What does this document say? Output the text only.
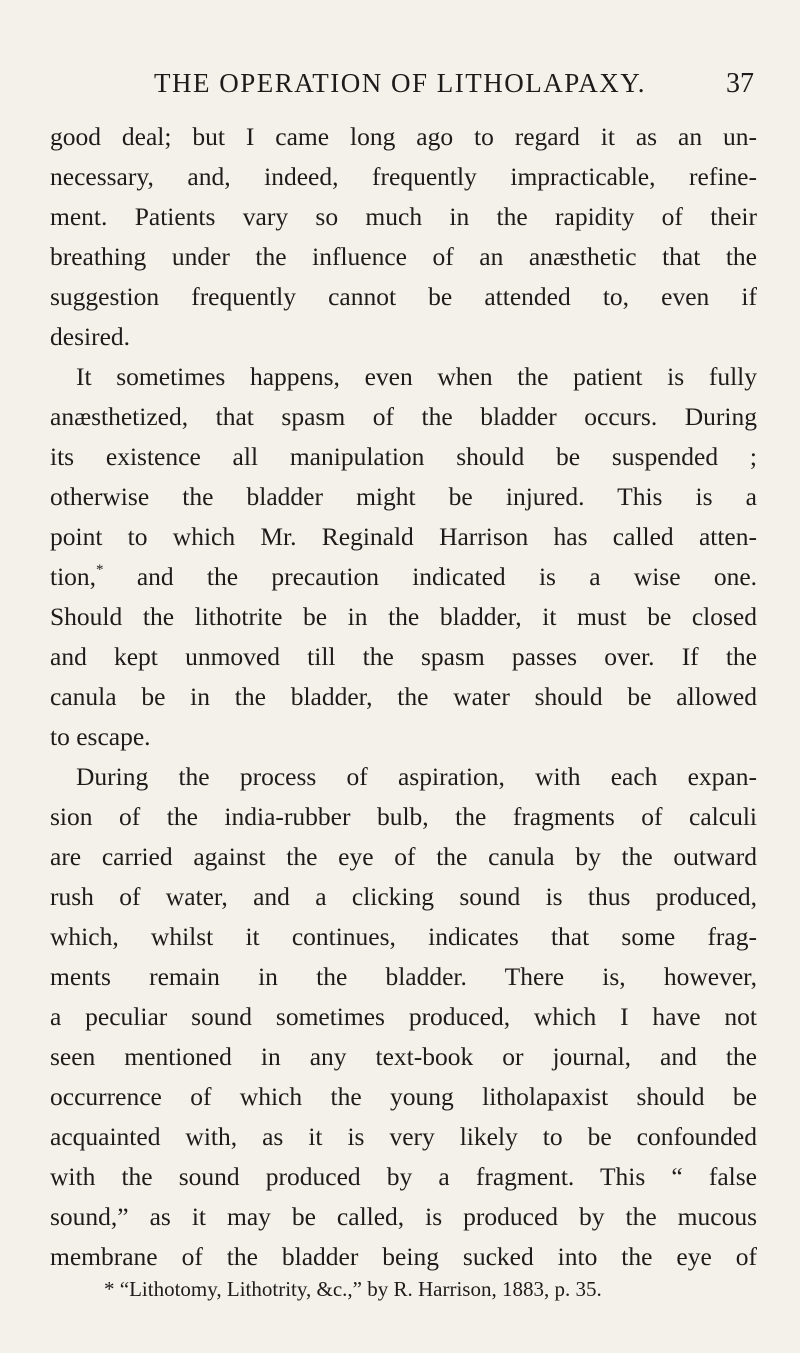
THE OPERATION OF LITHOLAPAXY.	37
good deal; but I came long ago to regard it as an un-
necessary, and, indeed, frequently impracticable, refine-
ment. Patients vary so much in the rapidity of their
breathing under the influence of an anæsthetic that the
suggestion frequently cannot be attended to, even if
desired.
It sometimes happens, even when the patient is fully
anæsthetized, that spasm of the bladder occurs. During
its existence all manipulation should be suspended ;
otherwise the bladder might be injured. This is a
point to which Mr. Reginald Harrison has called atten-
tion,* and the precaution indicated is a wise one.
Should the lithotrite be in the bladder, it must be closed
and kept unmoved till the spasm passes over. If the
canula be in the bladder, the water should be allowed
to escape.
During the process of aspiration, with each expan-
sion of the india-rubber bulb, the fragments of calculi
are carried against the eye of the canula by the outward
rush of water, and a clicking sound is thus produced,
which, whilst it continues, indicates that some frag-
ments remain in the bladder. There is, however,
a peculiar sound sometimes produced, which I have not
seen mentioned in any text-book or journal, and the
occurrence of which the young litholapaxist should be
acquainted with, as it is very likely to be confounded
with the sound produced by a fragment. This “ false
sound,” as it may be called, is produced by the mucous
membrane of the bladder being sucked into the eye of
* “Lithotomy, Lithotrity, &c.,” by R. Harrison, 1883, p. 35.
